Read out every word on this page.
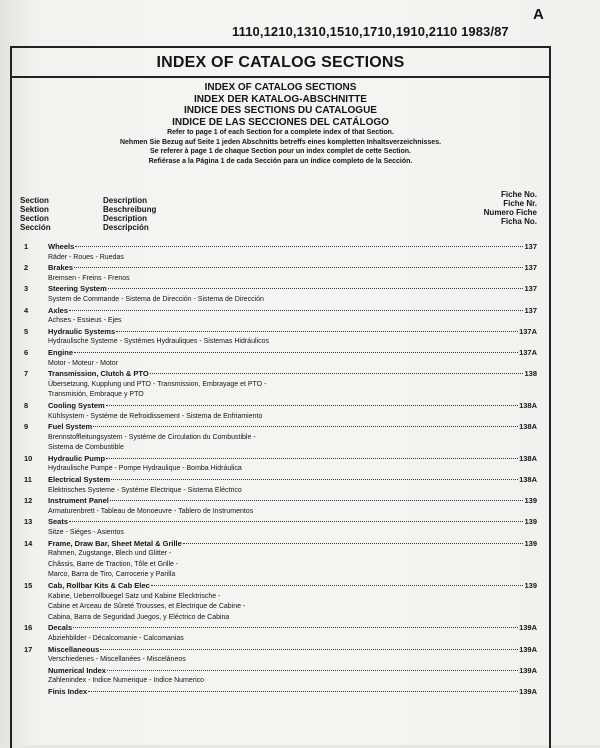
A
1110,1210,1310,1510,1710,1910,2110 1983/87
INDEX OF CATALOG SECTIONS
INDEX OF CATALOG SECTIONS
INDEX DER KATALOG-ABSCHNITTE
INDICE DES SECTIONS DU CATALOGUE
INDICE DE LAS SECCIONES DEL CATÁLOGO
Refer to page 1 of each Section for a complete index of that Section.
Nehmen Sie Bezug auf Seite 1 jeden Abschnitts betreffs eines kompletten Inhaltsverzeichnisses.
Se referer à page 1 de chaque Section pour un index complet de cette Section.
Refiérase a la Página 1 de cada Sección para un índice completo de la Sección.
Section
Sektion
Section
Sección
Description
Beschreibung
Description
Descripción
Fiche No.
Fiche Nr.
Numero Fiche
Ficha No.
1	Wheels	137
Räder - Roues - Ruedas
2	Brakes	137
Bremsen - Freins - Frenos
3	Steering System	137
System de Commande - Sistema de Dirección - Sistema de Dirección
4	Axles	137
Achses - Essieus - Ejes
5	Hydraulic Systems	137A
Hydraulische Systeme - Systémes Hydrauliques - Sistemas Hidráulicos
6	Engine	137A
Motor - Moteur - Motor
7	Transmission, Clutch & PTO	138
Übersetzung, Kupplung und PTO - Transmission, Embrayage et PTO -
Transmisión, Embraque y PTO
8	Cooling System	138A
Kühlsystem - Systéme de Refroidissement - Sistema de Enfriamiento
9	Fuel System	138A
Brennstoffleitungsystem - Systéme de Circulation du Combustible -
Sistema de Combustible
10	Hydraulic Pump	138A
Hydraulische Pumpe - Pompe Hydraulique - Bomba Hidráulica
11	Electrical System	138A
Elektrisches Systeme - Systéme Electrique - Sistema Eléctrico
12	Instrument Panel	139
Armaturenbrett - Tableau de Monoeuvre - Tablero de Instrumentos
13	Seats	139
Sitze - Siéges - Asientos
14	Frame, Draw Bar, Sheet Metal & Grille	139
Rahmen, Zugstange, Blech und Glitter -
Châssis, Barre de Traction, Tôle et Grille -
Marco, Barra de Tiro, Carrocerie y Parilla
15	Cab, Rollbar Kits & Cab Elec	139
Kabine, Ueberrollbuegel Satz und Kabine Elecktrische -
Cabine et Arceau de Sûreté Trousses, et Electrique de Cabine -
Cabina, Barra de Seguridad Juegos, y Eléctrico de Cabina
16	Decals	139A
Abziehbilder - Décalcomanie - Calcomanias
17	Miscellaneous	139A
Verschiedenes - Miscellanées - Misceláneos
Numerical Index	139A
Zahlenindex - Indice Numerique - Indice Numerico
Finis Index	139A
